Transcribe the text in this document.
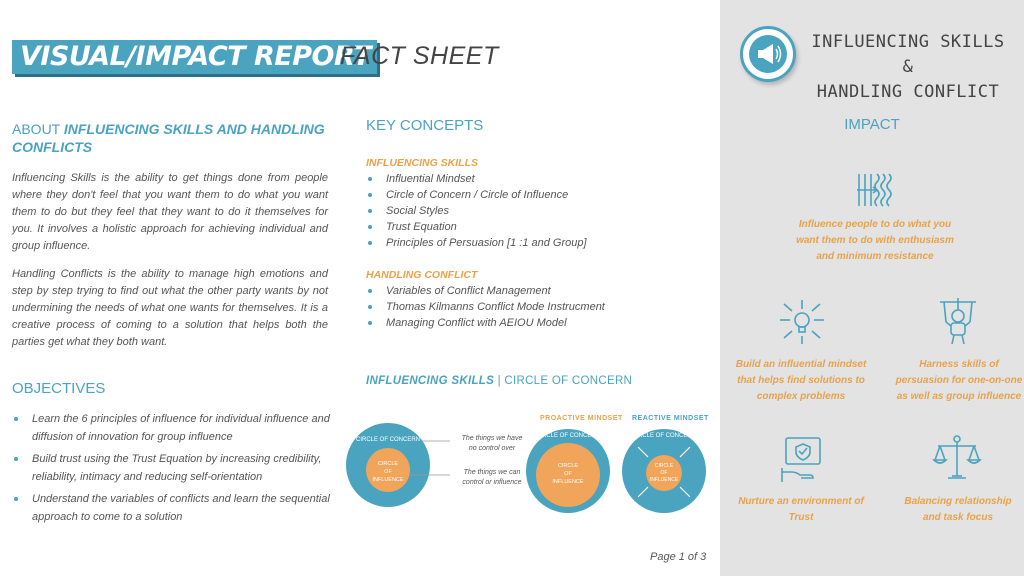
VISUAL/IMPACT REPORT
FACT SHEET
ABOUT INFLUENCING SKILLS AND HANDLING CONFLICTS

Influencing Skills is the ability to get things done from people where they don't feel that you want them to do what you want them to do but they feel that they want to do it themselves for you. It involves a holistic approach for achieving individual and group influence.

Handling Conflicts is the ability to manage high emotions and step by step trying to find out what the other party wants by not undermining the needs of what one wants for themselves. It is a creative process of coming to a solution that helps both the parties get what they both want.

OBJECTIVES
Learn the 6 principles of influence for individual influence and diffusion of innovation for group influence
Build trust using the Trust Equation by increasing credibility, reliability, intimacy and reducing self-orientation
Understand the variables of conflicts and learn the sequential approach to come to a solution
KEY CONCEPTS
INFLUENCING SKILLS
Influential Mindset
Circle of Concern / Circle of Influence
Social Styles
Trust Equation
Principles of Persuasion [1 :1 and Group]
HANDLING CONFLICT
Variables of Conflict Management
Thomas Kilmanns Conflict Mode Instrucment
Managing Conflict with AEIOU Model
INFLUENCING SKILLS | CIRCLE OF CONCERN
CIRCLE OF CONCERN
CIRCLE
OF
INFLUENCE
CIRCLE OF CONCERN
CIRCLE
OF
INFLUENCE
CIRCLE OF CONCERN
CIRCLE
OF
INFLUENCE
The things we have
no control over
The things we can
control or influence
PROACTIVE MINDSET REACTIVE MINDSET
Page 1 of 3
INFLUENCING SKILLS &
HANDLING CONFLICT
IMPACT
Influence people to do what you want them to do with enthusiasm and minimum resistance
Build an influential mindset that helps find solutions to complex problems
Harness skills of persuasion for one-on-one as well as group influence
Nurture an environment of Trust
Balancing relationship and task focus
